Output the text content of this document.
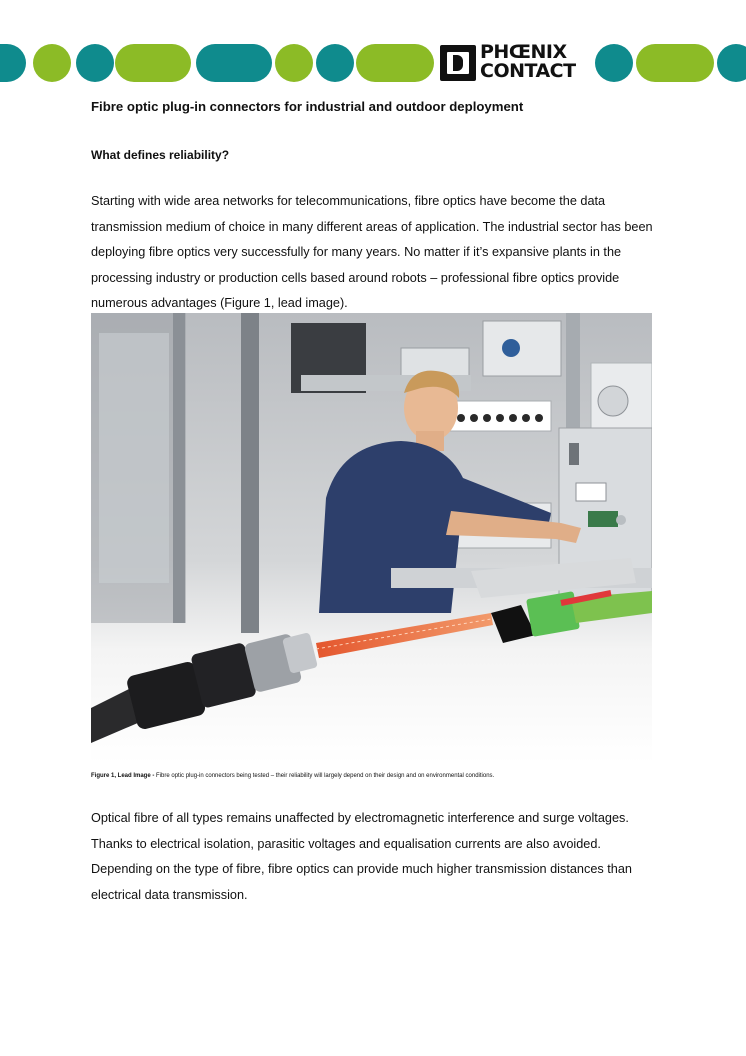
PHŒNIX
CONTACT
Fibre optic plug-in connectors for industrial and outdoor deployment
What defines reliability?

Starting with wide area networks for telecommunications, fibre optics have become the data transmission medium of choice in many different areas of application. The industrial sector has been deploying fibre optics very successfully for many years. No matter if it’s expansive plants in the processing industry or production cells based around robots – professional fibre optics provide numerous advantages (Figure 1, lead image).

Figure 1, Lead Image - Fibre optic plug-in connectors being tested – their reliability will largely depend on their design and on environmental conditions.

Optical fibre of all types remains unaffected by electromagnetic interference and surge voltages. Thanks to electrical isolation, parasitic voltages and equalisation currents are also avoided. Depending on the type of fibre, fibre optics can provide much higher transmission distances than electrical data transmission.
